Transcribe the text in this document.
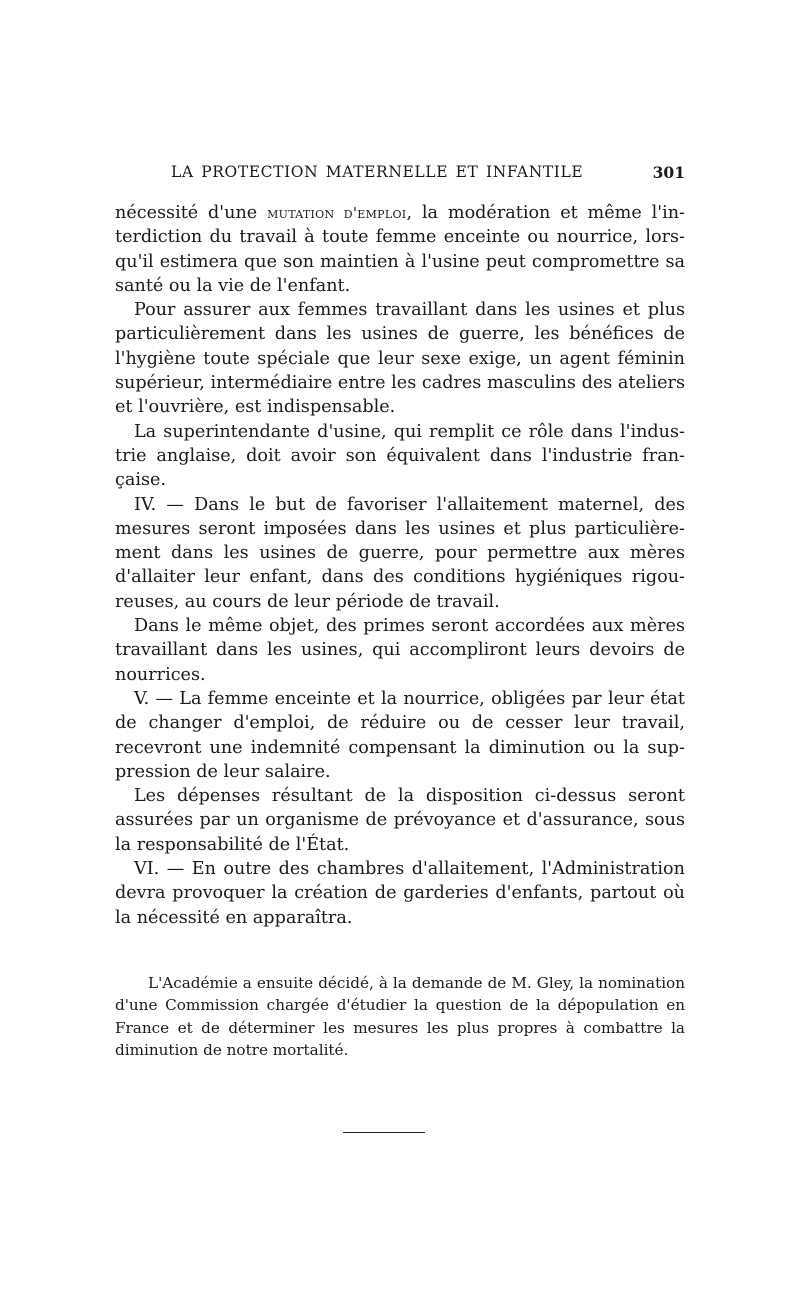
LA PROTECTION MATERNELLE ET INFANTILE	301

nécessité d'une mutation d'emploi, la modération et même l'interdiction du travail à toute femme enceinte ou nourrice, lorsqu'il estimera que son maintien à l'usine peut compromettre sa santé ou la vie de l'enfant.

Pour assurer aux femmes travaillant dans les usines et plus particulièrement dans les usines de guerre, les bénéfices de l'hygiène toute spéciale que leur sexe exige, un agent féminin supérieur, intermédiaire entre les cadres masculins des ateliers et l'ouvrière, est indispensable.

La superintendante d'usine, qui remplit ce rôle dans l'industrie anglaise, doit avoir son équivalent dans l'industrie française.

IV. — Dans le but de favoriser l'allaitement maternel, des mesures seront imposées dans les usines et plus particulièrement dans les usines de guerre, pour permettre aux mères d'allaiter leur enfant, dans des conditions hygiéniques rigoureuses, au cours de leur période de travail.

Dans le même objet, des primes seront accordées aux mères travaillant dans les usines, qui accompliront leurs devoirs de nourrices.

V. — La femme enceinte et la nourrice, obligées par leur état de changer d'emploi, de réduire ou de cesser leur travail, recevront une indemnité compensant la diminution ou la suppression de leur salaire.

Les dépenses résultant de la disposition ci-dessus seront assurées par un organisme de prévoyance et d'assurance, sous la responsabilité de l'État.

VI. — En outre des chambres d'allaitement, l'Administration devra provoquer la création de garderies d'enfants, partout où la nécessité en apparaîtra.

L'Académie a ensuite décidé, à la demande de M. Gley, la nomination d'une Commission chargée d'étudier la question de la dépopulation en France et de déterminer les mesures les plus propres à combattre la diminution de notre mortalité.
